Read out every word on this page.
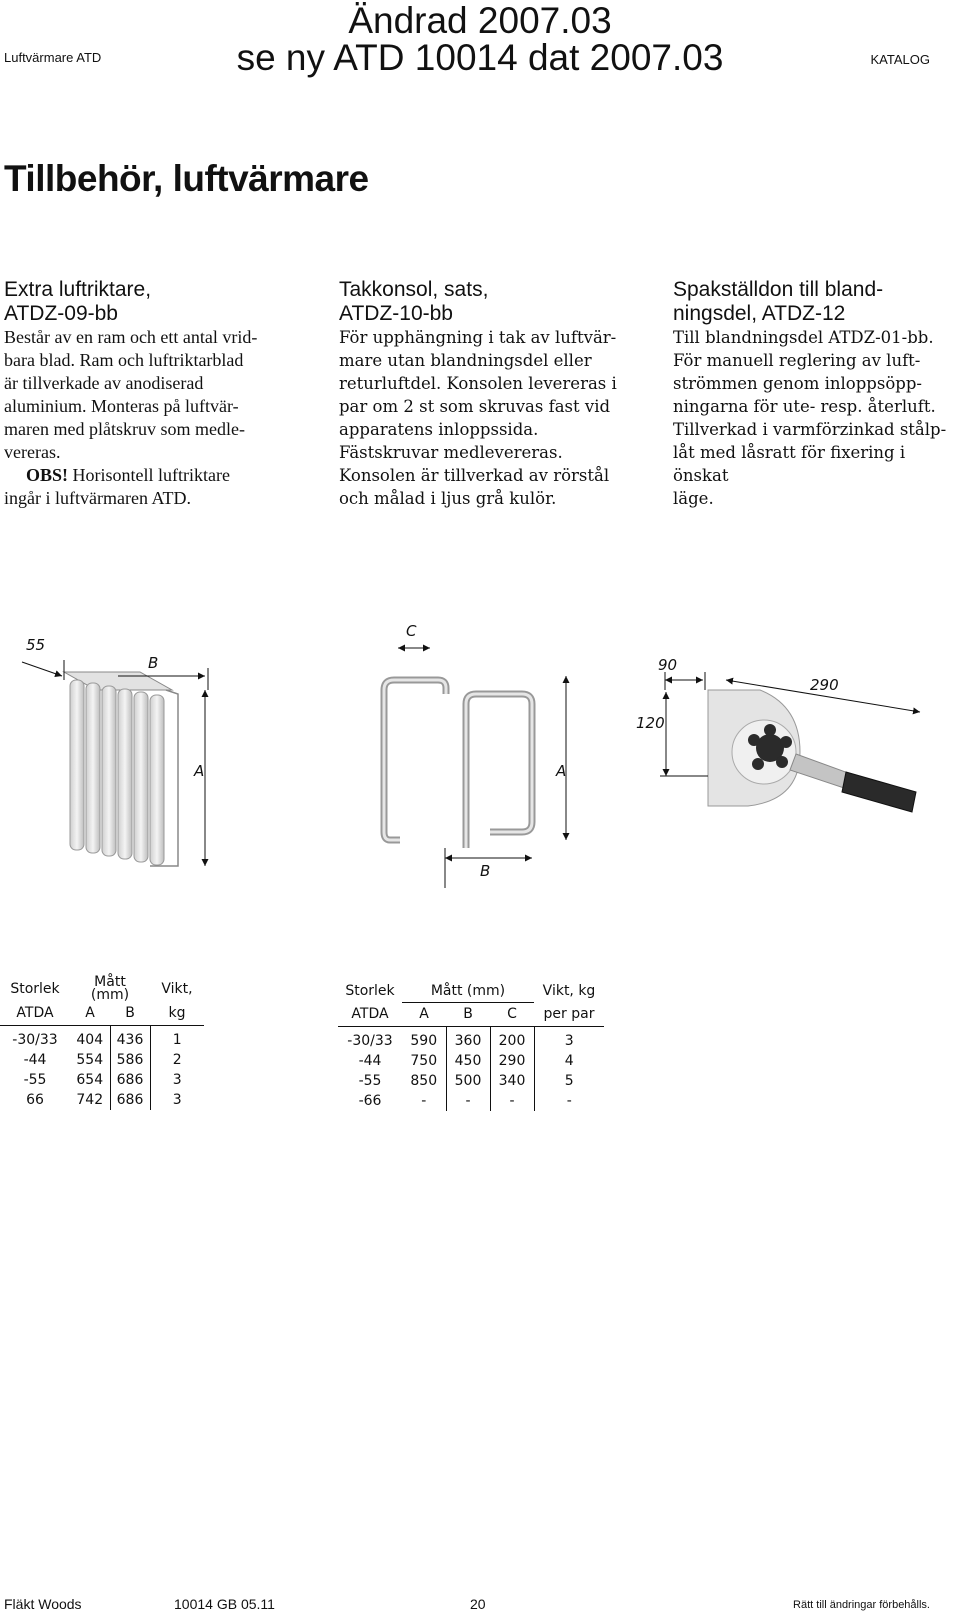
Luftvärmare ATD
Ändrad 2007.03
se ny ATD 10014 dat 2007.03	KATALOG
Tillbehör, luftvärmare
Extra luftriktare,
ATDZ-09-bb
Består av en ram och ett antal vrid-
bara blad. Ram och luftriktarblad
är tillverkade av anodiserad
aluminium. Monteras på luftvär-
maren med plåtskruv som medle-
vereras.
OBS! Horisontell luftriktare
ingår i luftvärmaren ATD.
Takkonsol, sats,
ATDZ-10-bb
För upphängning i tak av luftvär-
mare utan blandningsdel eller
returluftdel. Konsolen levereras i
par om 2 st som skruvas fast vid
apparatens inloppssida.
Fästskruvar medlevereras.
Konsolen är tillverkad av rörstål
och målad i ljus grå kulör.
Spakställdon till bland-
ningsdel, ATDZ-12
Till blandningsdel ATDZ-01-bb.
För manuell reglering av luft-
strömmen genom inloppsöpp-
ningarna för ute- resp. återluft.
Tillverkad i varmförzinkad stålp-
låt med låsratt för fixering i önskat
läge.
55
B
A
C
A
B
90
290
120
Storlek	Mått
(mm)		Vikt,
ATDA	A	B	kg
-30/33	404	436	1
-44	554	586	2
-55	654	686	3
66	742	686	3
Storlek	Mått (mm)			Vikt, kg
ATDA	A	B	C	per par
-30/33	590	360	200	3
-44	750	450	290	4
-55	850	500	340	5
-66	-	-	-	-
Fläkt Woods	10014 GB 05.11	20	Rätt till ändringar förbehålls.
